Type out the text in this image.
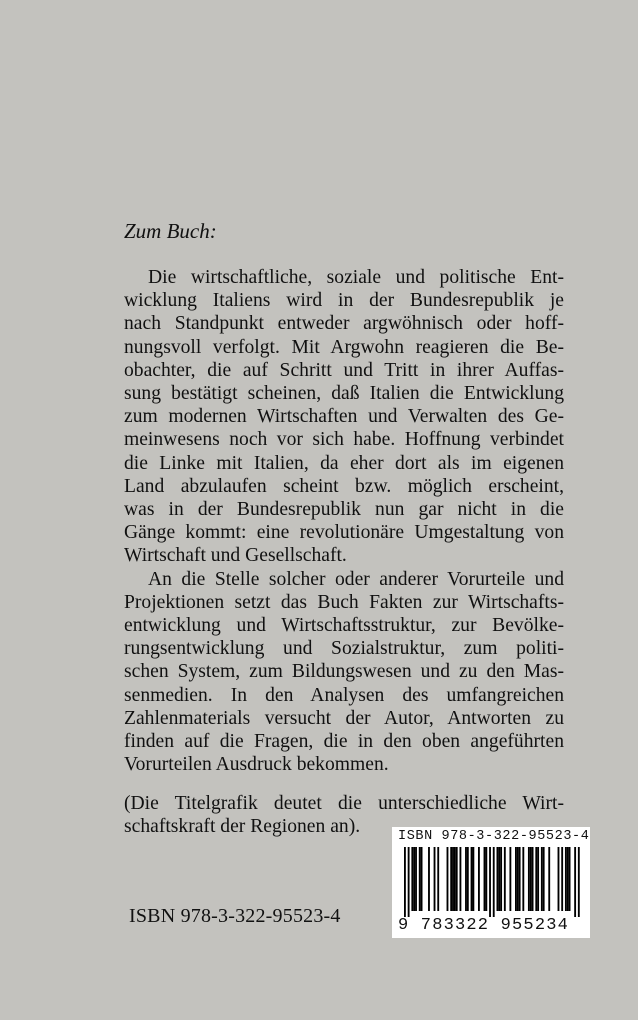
Zum Buch:
Die wirtschaftliche, soziale und politische Ent-
wicklung Italiens wird in der Bundesrepublik je
nach Standpunkt entweder argwöhnisch oder hoff-
nungsvoll verfolgt. Mit Argwohn reagieren die Be-
obachter, die auf Schritt und Tritt in ihrer Auffas-
sung bestätigt scheinen, daß Italien die Entwicklung
zum modernen Wirtschaften und Verwalten des Ge-
meinwesens noch vor sich habe. Hoffnung verbindet
die Linke mit Italien, da eher dort als im eigenen
Land abzulaufen scheint bzw. möglich erscheint,
was in der Bundesrepublik nun gar nicht in die
Gänge kommt: eine revolutionäre Umgestaltung von
Wirtschaft und Gesellschaft.
An die Stelle solcher oder anderer Vorurteile und
Projektionen setzt das Buch Fakten zur Wirtschafts-
entwicklung und Wirtschaftsstruktur, zur Bevölke-
rungsentwicklung und Sozialstruktur, zum politi-
schen System, zum Bildungswesen und zu den Mas-
senmedien. In den Analysen des umfangreichen
Zahlenmaterials versucht der Autor, Antworten zu
finden auf die Fragen, die in den oben angeführten
Vorurteilen Ausdruck bekommen.
(Die Titelgrafik deutet die unterschiedliche Wirt-
schaftskraft der Regionen an).
ISBN 978-3-322-95523-4
ISBN 978-3-322-95523-4
9 783322 955234
